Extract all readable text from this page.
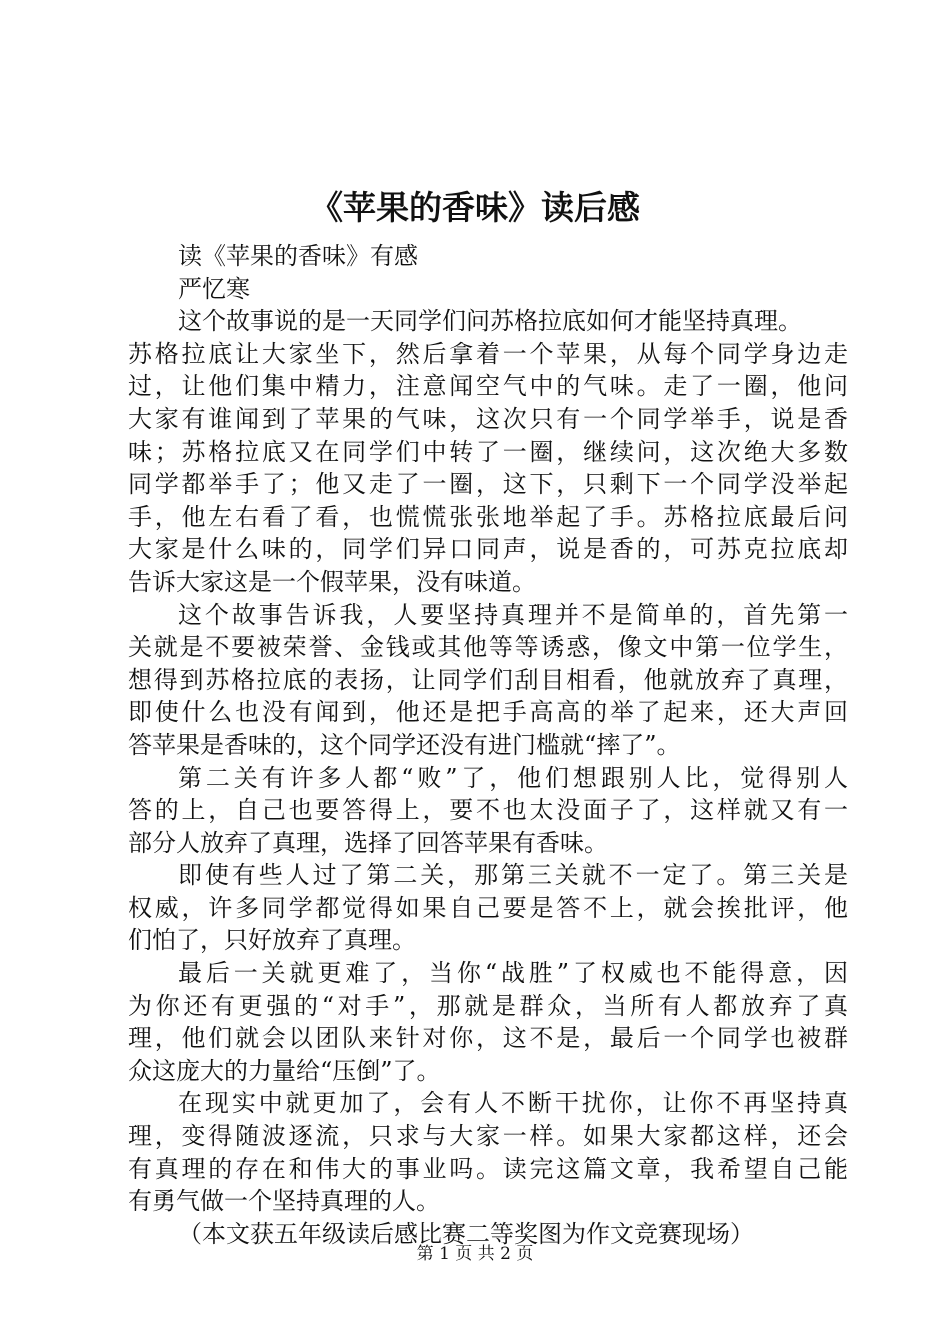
《苹果的香味》读后感

读《苹果的香味》有感

严忆寒

这个故事说的是一天同学们问苏格拉底如何才能坚持真理。

苏格拉底让大家坐下，然后拿着一个苹果，从每个同学身边走

过，让他们集中精力，注意闻空气中的气味。走了一圈，他问

大家有谁闻到了苹果的气味，这次只有一个同学举手，说是香

味；苏格拉底又在同学们中转了一圈，继续问，这次绝大多数

同学都举手了；他又走了一圈，这下，只剩下一个同学没举起

手，他左右看了看，也慌慌张张地举起了手。苏格拉底最后问

大家是什么味的，同学们异口同声，说是香的，可苏克拉底却

告诉大家这是一个假苹果，没有味道。

这个故事告诉我，人要坚持真理并不是简单的，首先第一

关就是不要被荣誉、金钱或其他等等诱惑，像文中第一位学生，

想得到苏格拉底的表扬，让同学们刮目相看，他就放弃了真理，

即使什么也没有闻到，他还是把手高高的举了起来，还大声回

答苹果是香味的，这个同学还没有进门槛就“摔了”。

第二关有许多人都“败”了，他们想跟别人比，觉得别人

答的上，自己也要答得上，要不也太没面子了，这样就又有一

部分人放弃了真理，选择了回答苹果有香味。

即使有些人过了第二关，那第三关就不一定了。第三关是

权威，许多同学都觉得如果自己要是答不上，就会挨批评，他

们怕了，只好放弃了真理。

最后一关就更难了，当你“战胜”了权威也不能得意，因

为你还有更强的“对手”，那就是群众，当所有人都放弃了真

理，他们就会以团队来针对你，这不是，最后一个同学也被群

众这庞大的力量给“压倒”了。

在现实中就更加了，会有人不断干扰你，让你不再坚持真

理，变得随波逐流，只求与大家一样。如果大家都这样，还会

有真理的存在和伟大的事业吗。读完这篇文章，我希望自己能

有勇气做一个坚持真理的人。

（本文获五年级读后感比赛二等奖图为作文竞赛现场）

第 1 页 共 2 页
